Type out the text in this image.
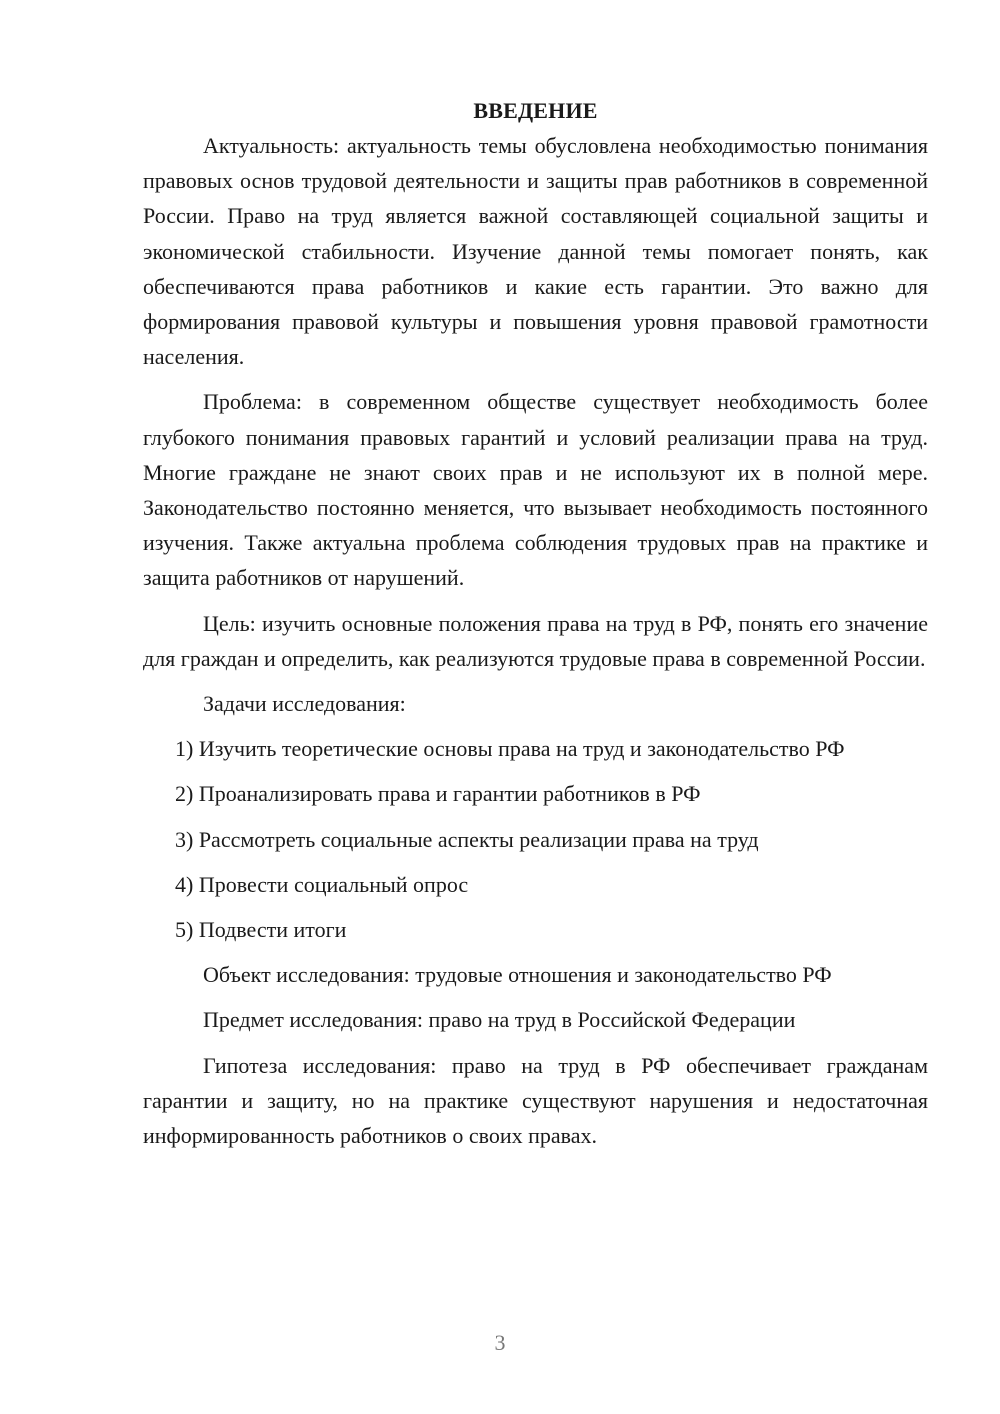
ВВЕДЕНИЕ

Актуальность: актуальность темы обусловлена необходимостью понимания правовых основ трудовой деятельности и защиты прав работников в современной России. Право на труд является важной составляющей социальной защиты и экономической стабильности. Изучение данной темы помогает понять, как обеспечиваются права работников и какие есть гарантии. Это важно для формирования правовой культуры и повышения уровня правовой грамотности населения.

Проблема: в современном обществе существует необходимость более глубокого понимания правовых гарантий и условий реализации права на труд. Многие граждане не знают своих прав и не используют их в полной мере. Законодательство постоянно меняется, что вызывает необходимость постоянного изучения. Также актуальна проблема соблюдения трудовых прав на практике и защита работников от нарушений.

Цель: изучить основные положения права на труд в РФ, понять его значение для граждан и определить, как реализуются трудовые права в современной России.

Задачи исследования:

1) Изучить теоретические основы права на труд и законодательство РФ

2) Проанализировать права и гарантии работников в РФ

3) Рассмотреть социальные аспекты реализации права на труд

4) Провести социальный опрос

5) Подвести итоги

Объект исследования: трудовые отношения и законодательство РФ

Предмет исследования: право на труд в Российской Федерации

Гипотеза исследования: право на труд в РФ обеспечивает гражданам гарантии и защиту, но на практике существуют нарушения и недостаточная информированность работников о своих правах.

3
